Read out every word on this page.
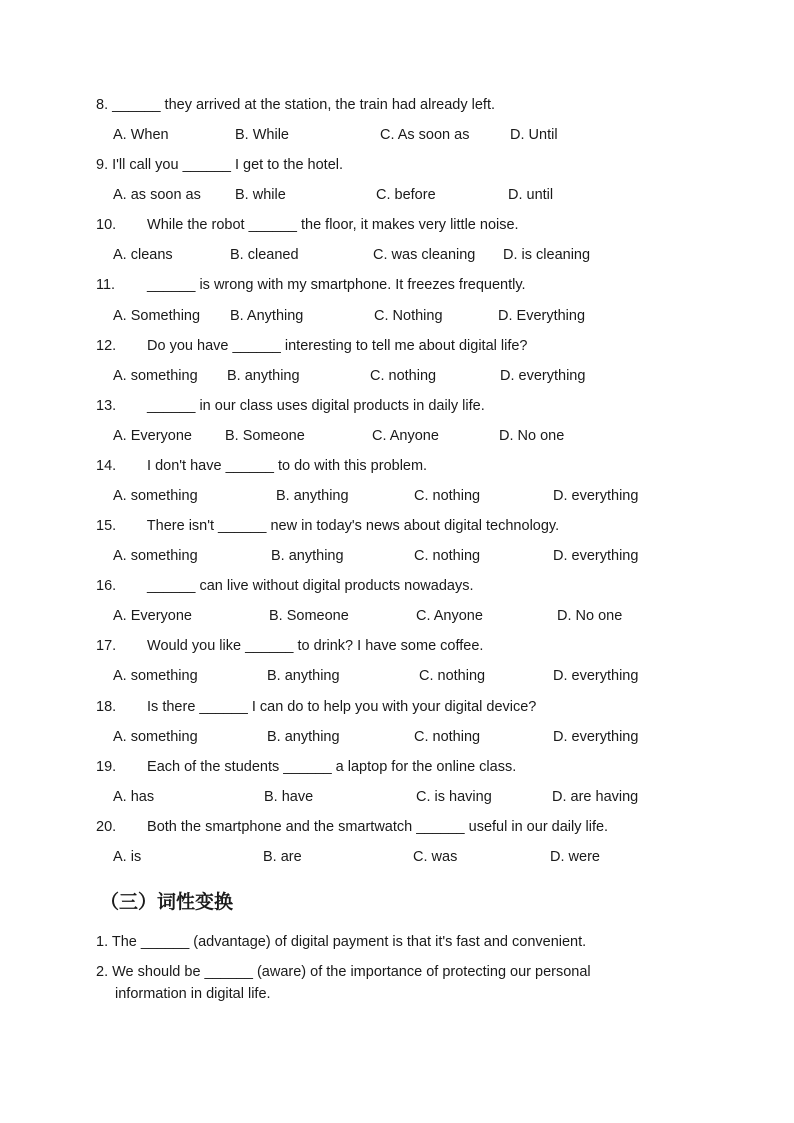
8. ______ they arrived at the station, the train had already left.
A. When	B. While	C. As soon as	D. Until
9. I'll call you ______ I get to the hotel.
A. as soon as B. while	C. before	D. until
10. While the robot ______ the floor, it makes very little noise.
A. cleans	B. cleaned	C. was cleaning D. is cleaning
11. ______ is wrong with my smartphone. It freezes frequently.
A. Something B. Anything	C. Nothing	D. Everything
12. Do you have ______ interesting to tell me about digital life?
A. something B. anything	C. nothing	D. everything
13. ______ in our class uses digital products in daily life.
A. Everyone B. Someone	C. Anyone	D. No one
14. I don't have ______ to do with this problem.
A. something	B. anything	C. nothing	D. everything
15. There isn't ______ new in today's news about digital technology.
A. something	B. anything	C. nothing	D. everything
16. ______ can live without digital products nowadays.
A. Everyone	B. Someone	C. Anyone	D. No one
17. Would you like ______ to drink? I have some coffee.
A. something	B. anything	C. nothing	D. everything
18. Is there ______ I can do to help you with your digital device?
A. something	B. anything	C. nothing	D. everything
19. Each of the students ______ a laptop for the online class.
A. has	B. have	C. is having	D. are having
20. Both the smartphone and the smartwatch ______ useful in our daily life.
A. is	B. are	C. was	D. were
（三）词性变换
1. The ______ (advantage) of digital payment is that it's fast and convenient.
2. We should be ______ (aware) of the importance of protecting our personal
information in digital life.
